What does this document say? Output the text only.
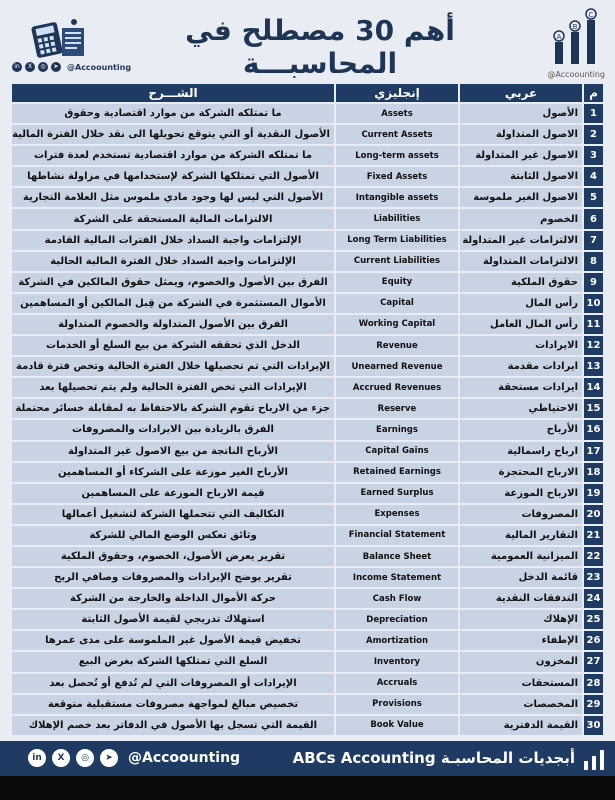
أهم 30 مصطلح في المحاسبـــة
A
B
C
in	X	◎	➤	@Accoounting
@Accoounting
م	عربي	إنجليزي	الشـــرح
1	الأصول	Assets	ما تمتلكه الشركة من موارد اقتصادية وحقوق
2	الاصول المتداولة	Current Assets	الأصول النقدية أو التي يتوقع تحويلها الى نقد خلال الفترة المالية
3	الاصول غير المتداولة	Long-term assets	ما تمتلكه الشركة من موارد اقتصادية تستخدم لعدة فترات
4	الاصول الثابتة	Fixed Assets	الأصول التي تمتلكها الشركة لإستخدامها في مزاولة نشاطها
5	الاصول الغير ملموسة	Intangible assets	الأصول التي ليس لها وجود مادي ملموس مثل العلامة التجارية
6	الخصوم	Liabilities	الالتزامات المالية المستحقة على الشركة
7	الالتزامات غير المتداولة	Long Term Liabilities	الإلتزامات واجبة السداد خلال الفترات المالية القادمة
8	الالتزامات المتداولة	Current Liabilities	الإلتزامات واجبة السداد خلال الفترة المالية الحالية
9	حقوق الملكية	Equity	الفرق بين الأصول والخصوم، ويمثل حقوق المالكين في الشركة
10	رأس المال	Capital	الأموال المستثمرة في الشركة من قِبل المالكين أو المساهمين
11	رأس المال العامل	Working Capital	الفرق بين الأصول المتداولة والخصوم المتداولة
12	الايرادات	Revenue	الدخل الذي تحققه الشركة من بيع السلع أو الخدمات
13	ايرادات مقدمة	Unearned Revenue	الإيرادات التي تم تحصيلها خلال الفترة الحالية وتخص فترة قادمة
14	ايرادات مستحقة	Accrued Revenues	الإيرادات التي تخص الفترة الحالية ولم يتم تحصيلها بعد
15	الاحتياطي	Reserve	جزء من الارباح تقوم الشركة بالاحتفاظ به لمقابلة خسائر محتملة
16	الأرباح	Earnings	الفرق بالزيادة بين الايرادات والمصروفات
17	ارباح راسمالية	Capital Gains	الأرباح الناتجة من بيع الاصول غير المتداولة
18	الارباح المحتجزة	Retained Earnings	الأرباح الغير موزعة على الشركاء أو المساهمين
19	الارباح الموزعة	Earned Surplus	قيمة الارباح الموزعة على المساهمين
20	المصروفات	Expenses	التكاليف التي تتحملها الشركة لتشغيل أعمالها
21	التقارير المالية	Financial Statement	وثائق تعكس الوضع المالي للشركة
22	الميزانية العمومية	Balance Sheet	تقرير يعرض الأصول، الخصوم، وحقوق الملكية
23	قائمة الدخل	Income Statement	تقرير يوضح الإيرادات والمصروفات وصافي الربح
24	التدفقات النقدية	Cash Flow	حركة الأموال الداخلة والخارجة من الشركة
25	الإهلاك	Depreciation	استهلاك تدريجي لقيمة الأصول الثابتة
26	الإطفاء	Amortization	تخفيض قيمة الأصول غير الملموسة على مدى عمرها
27	المخزون	Inventory	السلع التي تمتلكها الشركة بغرض البيع
28	المستحقات	Accruals	الإيرادات أو المصروفات التي لم تُدفع أو تُحصل بعد
29	المخصصات	Provisions	تخصيص مبالغ لمواجهة مصروفات مستقبلية متوقعة
30	القيمة الدفترية	Book Value	القيمة التي تسجل بها الأصول في الدفاتر بعد خصم الإهلاك
in	X	◎	➤	@Accoounting	أبجديات المحاسبـة ABCs Accounting
